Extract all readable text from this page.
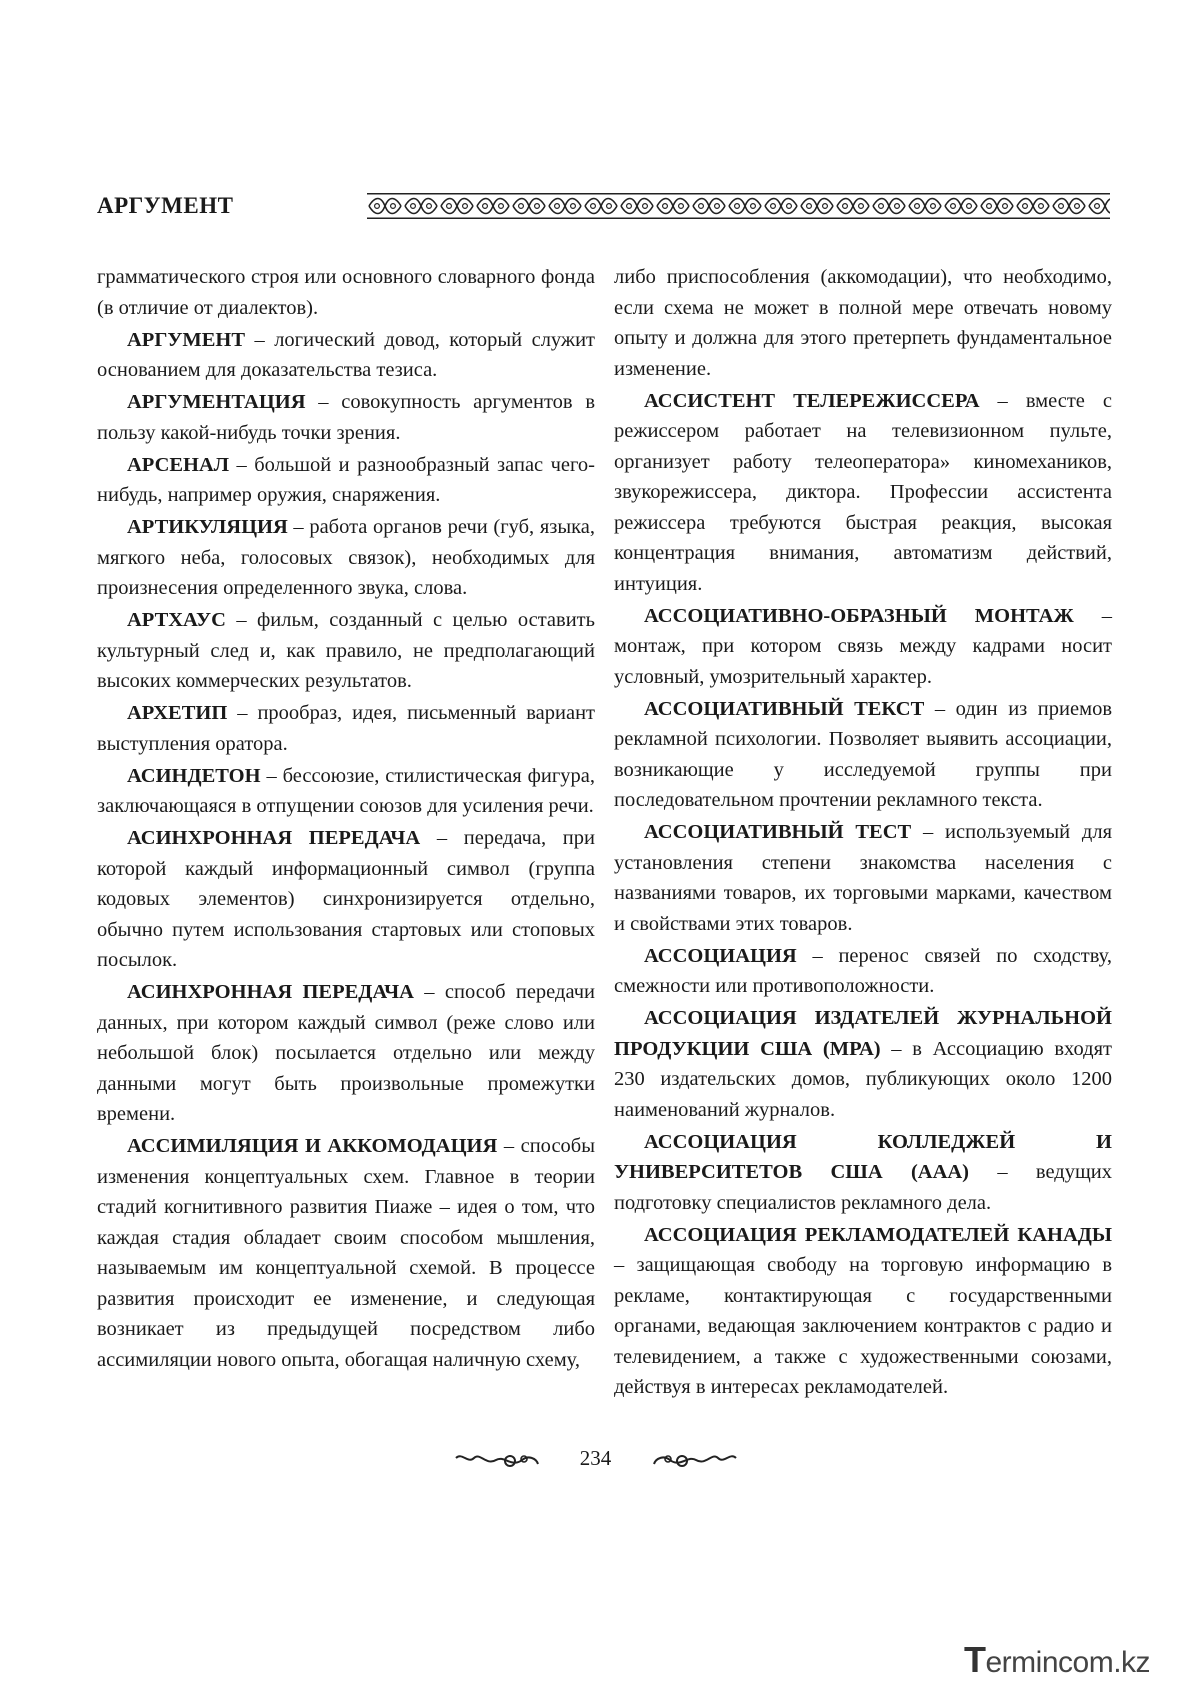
АРГУМЕНТ

грамматического строя или основного словарного фонда (в отличие от диалектов).

АРГУМЕНТ – логический довод, который служит основанием для доказательства тезиса.

АРГУМЕНТАЦИЯ – совокупность аргументов в пользу какой-нибудь точки зрения.

АРСЕНАЛ – большой и разнообразный запас чего-нибудь, например оружия, снаряжения.

АРТИКУЛЯЦИЯ – работа органов речи (губ, языка, мягкого неба, голосовых связок), необходимых для произнесения определенного звука, слова.

АРТХАУС – фильм, созданный с целью оставить культурный след и, как правило, не предполагающий высоких коммерческих результатов.

АРХЕТИП – прообраз, идея, письменный вариант выступления оратора.

АСИНДЕТОН – бессоюзие, стилистическая фигура, заключающаяся в отпущении союзов для усиления речи.

АСИНХРОННАЯ ПЕРЕДАЧА – передача, при которой каждый информационный символ (группа кодовых элементов) синхронизируется отдельно, обычно путем использования стартовых или стоповых посылок.

АСИНХРОННАЯ ПЕРЕДАЧА – способ передачи данных, при котором каждый символ (реже слово или небольшой блок) посылается отдельно или между данными могут быть произвольные промежутки времени.

АССИМИЛЯЦИЯ И АККОМОДАЦИЯ – способы изменения концептуальных схем. Главное в теории стадий когнитивного развития Пиаже – идея о том, что каждая стадия обладает своим способом мышления, называемым им концептуальной схемой. В процессе развития происходит ее изменение, и следующая возникает из предыдущей посредством либо ассимиляции нового опыта, обогащая наличную схему,

либо приспособления (аккомодации), что необходимо, если схема не может в полной мере отвечать новому опыту и должна для этого претерпеть фундаментальное изменение.

АССИСТЕНТ ТЕЛЕРЕЖИССЕРА – вместе с режиссером работает на телевизионном пульте, организует работу телеоператора» киномехаников, звукорежиссера, диктора. Професcии ассистента режиссера требуются быстрая реакция, высокая концентрация внимания, автоматизм действий, интуиция.

АССОЦИАТИВНО-ОБРАЗНЫЙ МОНТАЖ – монтаж, при котором связь между кадрами носит условный, умозрительный характер.

АССОЦИАТИВНЫЙ ТЕКСТ – один из приемов рекламной психологии. Позволяет выявить ассоциации, возникающие у исследуемой группы при последовательном прочтении рекламного текста.

АССОЦИАТИВНЫЙ ТЕСТ – используемый для установления степени знакомства населения с названиями товаров, их торговыми марками, качеством и свойствами этих товаров.

АССОЦИАЦИЯ – перенос связей по сходству, смежности или противоположности.

АССОЦИАЦИЯ ИЗДАТЕЛЕЙ ЖУРНАЛЬНОЙ ПРОДУКЦИИ США (МРА) – в Ассоциацию входят 230 издательских домов, публикующих около 1200 наименований журналов.

АССОЦИАЦИЯ КОЛЛЕДЖЕЙ И УНИВЕРСИТЕТОВ США (ААА) – ведущих подготовку специалистов рекламного дела.

АССОЦИАЦИЯ РЕКЛАМОДАТЕЛЕЙ КАНАДЫ – защищающая свободу на торговую информацию в рекламе, контактирующая с государственными органами, ведающая заключением контрактов с радио и телевидением, а также с художественными союзами, действуя в интересах рекламодателей.

234
Termincom.kz
